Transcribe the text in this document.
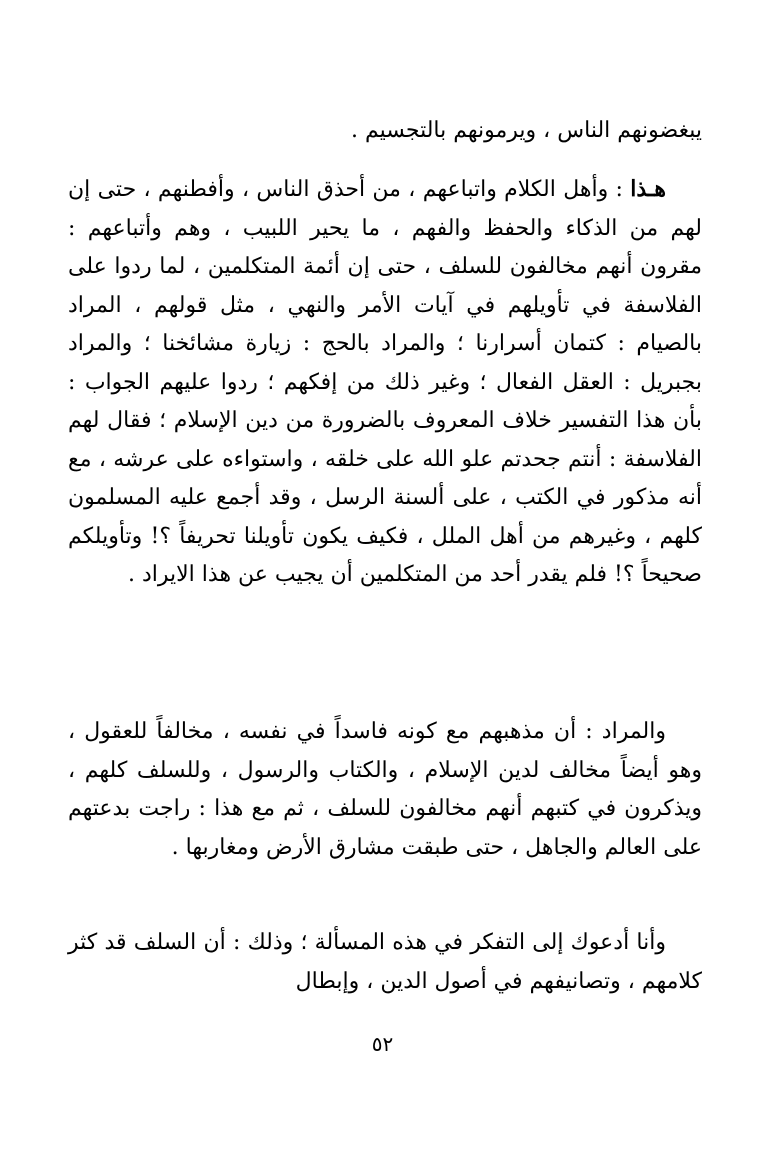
يبغضونهم الناس ، ويرمونهم بالتجسيم .

هـذا : وأهل الكلام واتباعهم ، من أحذق الناس ، وأفطنهم ، حتى إن لهم من الذكاء والحفظ والفهم ، ما يحير اللبيب ، وهم وأتباعهم : مقرون أنهم مخالفون للسلف ، حتى إن أئمة المتكلمين ، لما ردوا على الفلاسفة في تأويلهم في آيات الأمر والنهي ، مثل قولهم ، المراد بالصيام : كتمان أسرارنا ؛ والمراد بالحج : زيارة مشائخنا ؛ والمراد بجبريل : العقل الفعال ؛ وغير ذلك من إفكهم ؛ ردوا عليهم الجواب : بأن هذا التفسير خلاف المعروف بالضرورة من دين الإسلام ؛ فقال لهم الفلاسفة : أنتم جحدتم علو الله على خلقه ، واستواءه على عرشه ، مع أنه مذكور في الكتب ، على ألسنة الرسل ، وقد أجمع عليه المسلمون كلهم ، وغيرهم من أهل الملل ، فكيف يكون تأويلنا تحريفاً ؟! وتأويلكم صحيحاً ؟! فلم يقدر أحد من المتكلمين أن يجيب عن هذا الايراد .

والمراد : أن مذهبهم مع كونه فاسداً في نفسه ، مخالفاً للعقول ، وهو أيضاً مخالف لدين الإسلام ، والكتاب والرسول ، وللسلف كلهم ، ويذكرون في كتبهم أنهم مخالفون للسلف ، ثم مع هذا : راجت بدعتهم على العالم والجاهل ، حتى طبقت مشارق الأرض ومغاربها .

وأنا أدعوك إلى التفكر في هذه المسألة ؛ وذلك : أن السلف قد كثر كلامهم ، وتصانيفهم في أصول الدين ، وإبطال

٥٢
